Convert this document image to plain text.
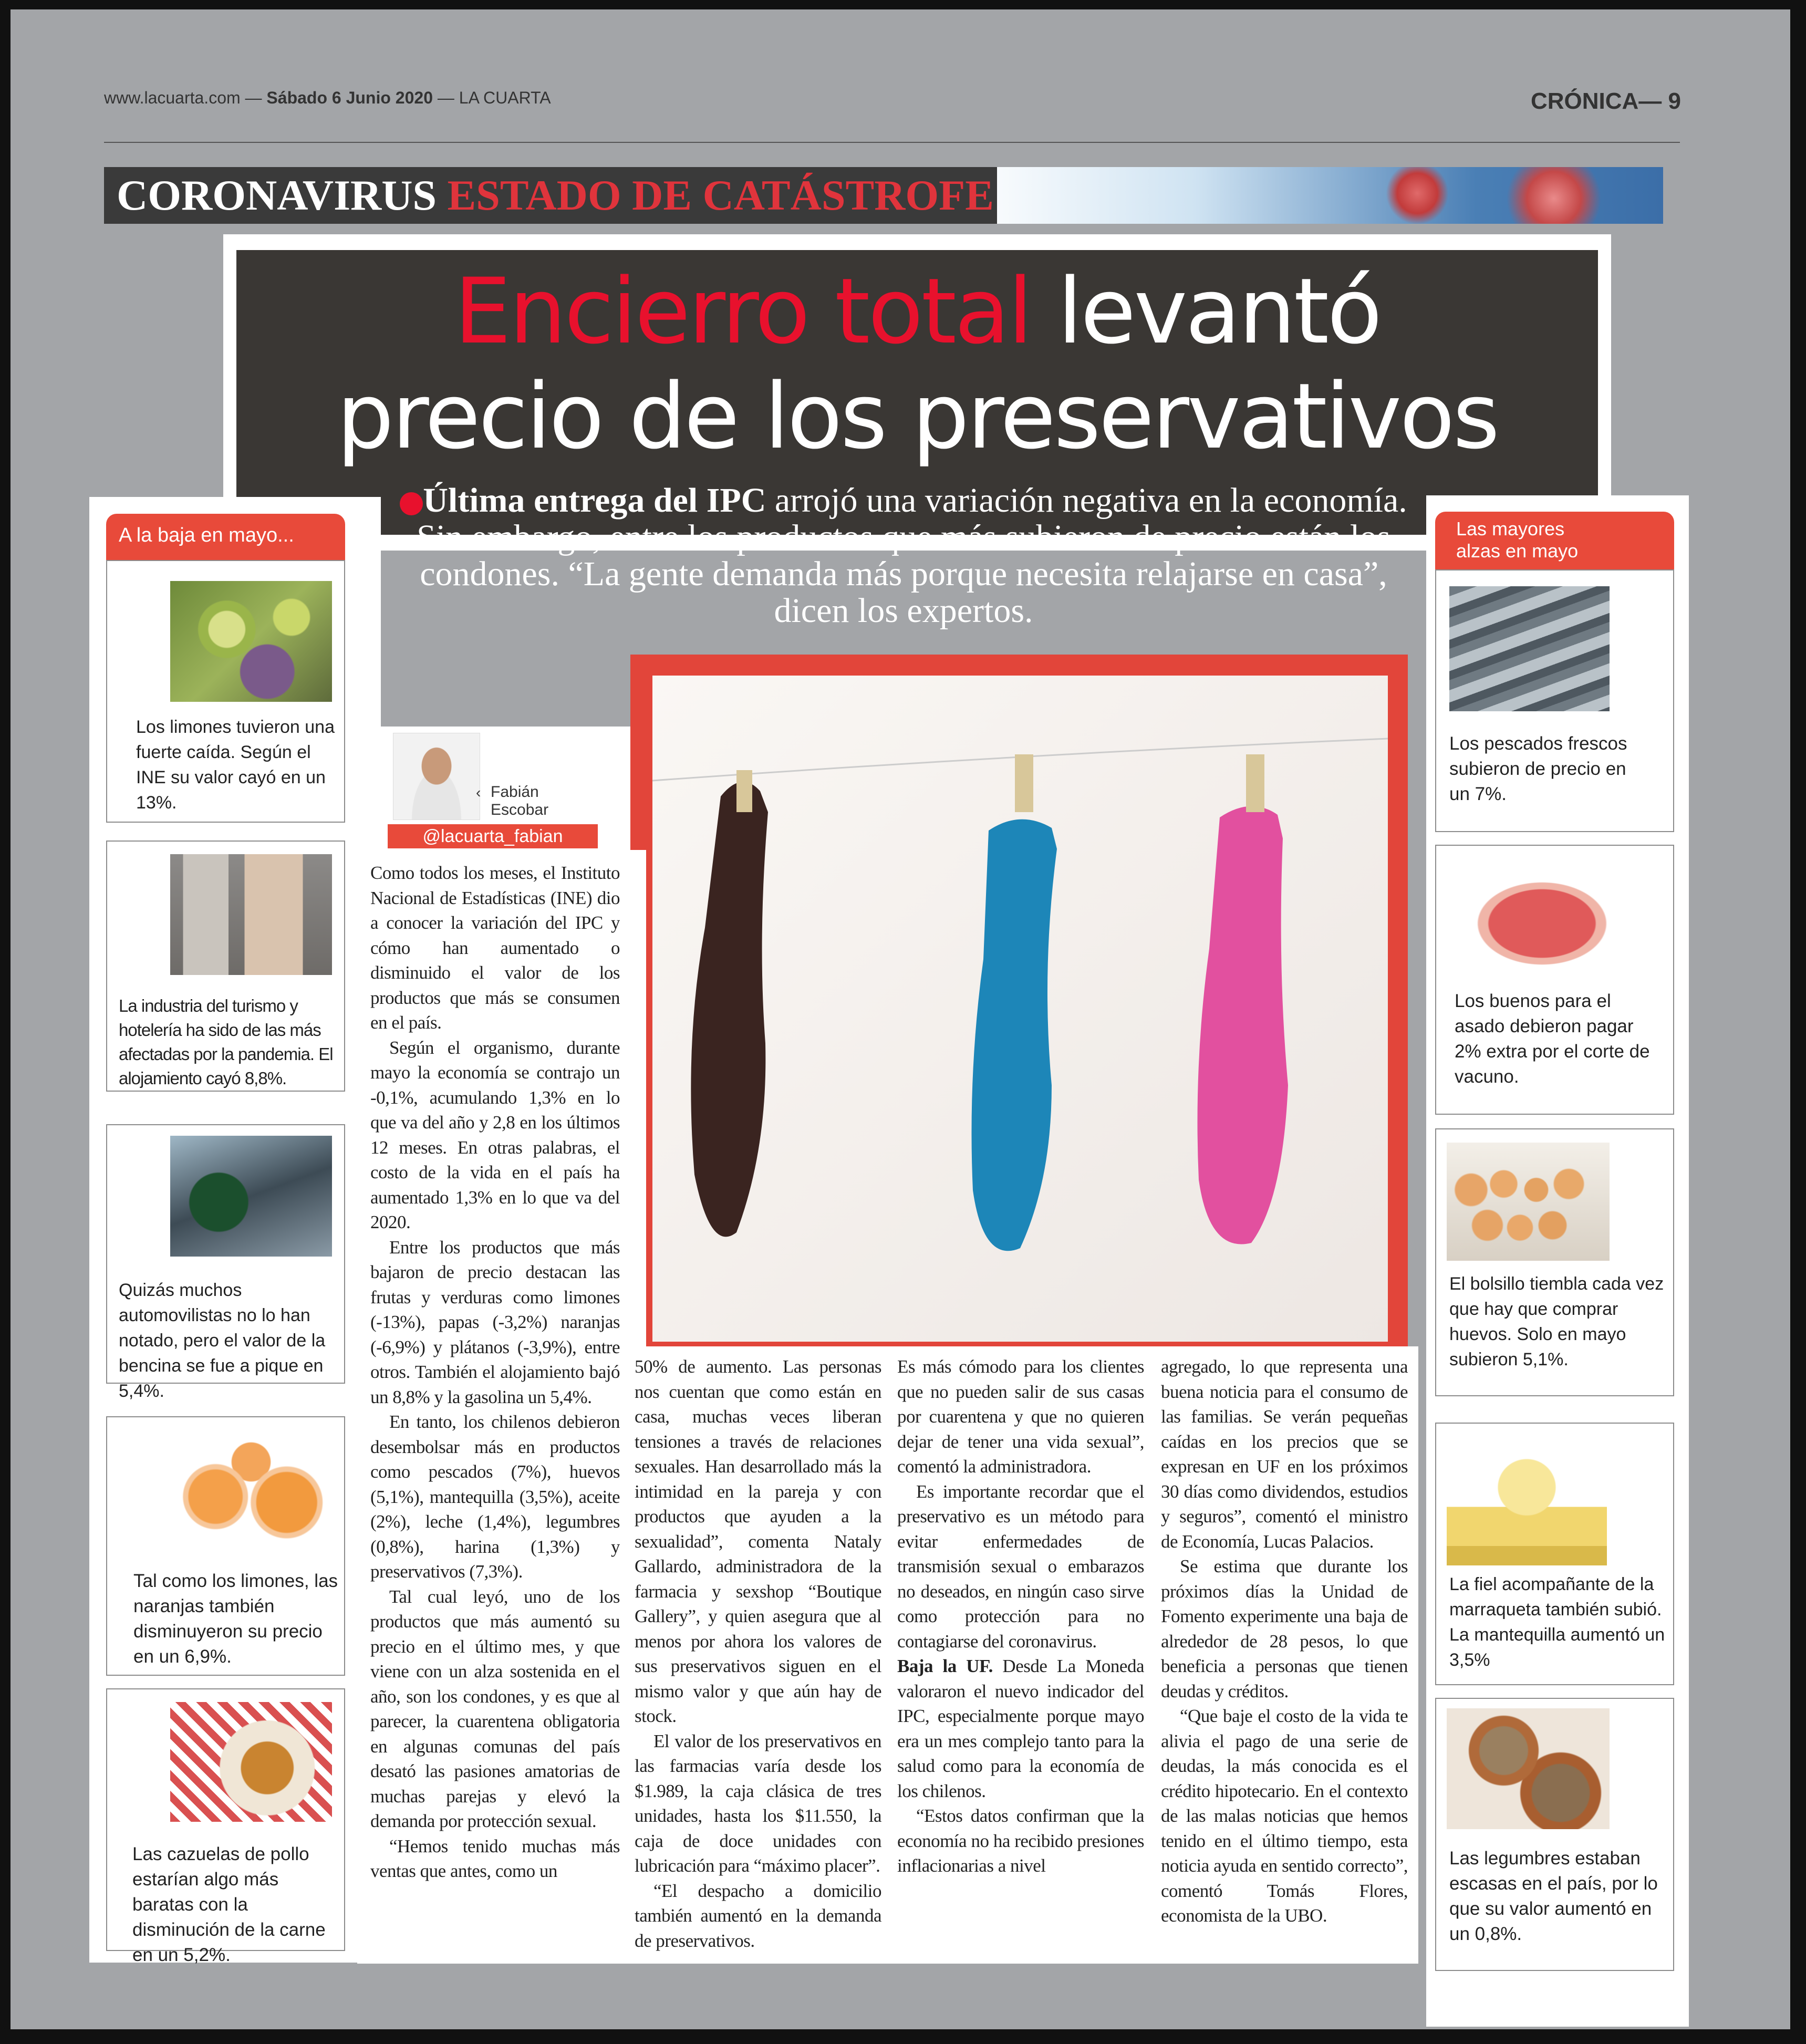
www.lacuarta.com — Sábado 6 Junio 2020 — LA CUARTA	CRÓNICA— 9
CORONAVIRUS ESTADO DE CATÁSTROFE
Encierro total levantó
precio de los preservativos
Última entrega del IPC arrojó una variación negativa en la economía. Sin embargo, entre los productos que más subieron de precio están los condones. “La gente demanda más porque necesita relajarse en casa”, dicen los expertos.
A la baja en mayo...
Los limones tuvieron una fuerte caída. Según el INE su valor cayó en un 13%.
La industria del turismo y hotelería ha sido de las más afectadas por la pandemia. El alojamiento cayó 8,8%.
Quizás muchos automovilistas no lo han notado, pero el valor de la bencina se fue a pique en 5,4%.
Tal como los limones, las naranjas también disminuyeron su precio en un 6,9%.
Las cazuelas de pollo estarían algo más baratas con la disminución de la carne en un 5,2%.
Las mayores alzas en mayo
Los pescados frescos subieron de precio en un 7%.
Los buenos para el asado debieron pagar 2% extra por el corte de vacuno.
El bolsillo tiembla cada vez que hay que comprar huevos. Solo en mayo subieron 5,1%.
La fiel acompañante de la marraqueta también subió. La mantequilla aumentó un 3,5%
Las legumbres estaban escasas en el país, por lo que su valor aumentó en un 0,8%.
‹ Fabián Escobar
@lacuarta_fabian

Como todos los meses, el Instituto Nacional de Estadísticas (INE) dio a conocer la variación del IPC y cómo han aumentado o disminuido el valor de los productos que más se consumen en el país.

Según el organismo, durante mayo la economía se contrajo un -0,1%, acumulando 1,3% en lo que va del año y 2,8 en los últimos 12 meses. En otras palabras, el costo de la vida en el país ha aumentado 1,3% en lo que va del 2020.

Entre los productos que más bajaron de precio destacan las frutas y verduras como limones (-13%), papas (-3,2%) naranjas (-6,9%) y plátanos (-3,9%), entre otros. También el alojamiento bajó un 8,8% y la gasolina un 5,4%.

En tanto, los chilenos debieron desembolsar más en productos como pescados (7%), huevos (5,1%), mantequilla (3,5%), aceite (2%), leche (1,4%), legumbres (0,8%), harina (1,3%) y preservativos (7,3%).

Tal cual leyó, uno de los productos que más aumentó su precio en el último mes, y que viene con un alza sostenida en el año, son los condones, y es que al parecer, la cuarentena obligatoria en algunas comunas del país desató las pasiones amatorias de muchas parejas y elevó la demanda por protección sexual.

“Hemos tenido muchas más ventas que antes, como un

50% de aumento. Las personas nos cuentan que como están en casa, muchas veces liberan tensiones a través de relaciones sexuales. Han desarrollado más la intimidad en la pareja y con productos que ayuden a la sexualidad”, comenta Nataly Gallardo, administradora de la farmacia y sexshop “Boutique Gallery”, y quien asegura que al menos por ahora los valores de sus preservativos siguen en el mismo valor y que aún hay de stock.

El valor de los preservativos en las farmacias varía desde los $1.989, la caja clásica de tres unidades, hasta los $11.550, la caja de doce unidades con lubricación para “máximo placer”.

“El despacho a domicilio también aumentó en la demanda de preservativos.

Es más cómodo para los clientes que no pueden salir de sus casas por cuarentena y que no quieren dejar de tener una vida sexual”, comentó la administradora.

Es importante recordar que el preservativo es un método para evitar enfermedades de transmisión sexual o embarazos no deseados, en ningún caso sirve como protección para no contagiarse del coronavirus.

Baja la UF. Desde La Moneda valoraron el nuevo indicador del IPC, especialmente porque mayo era un mes complejo tanto para la salud como para la economía de los chilenos.

“Estos datos confirman que la economía no ha recibido presiones inflacionarias a nivel

agregado, lo que representa una buena noticia para el consumo de las familias. Se verán pequeñas caídas en los precios que se expresan en UF en los próximos 30 días como dividendos, estudios y seguros”, comentó el ministro de Economía, Lucas Palacios.

Se estima que durante los próximos días la Unidad de Fomento experimente una baja de alrededor de 28 pesos, lo que beneficia a personas que tienen deudas y créditos.

“Que baje el costo de la vida te alivia el pago de una serie de deudas, la más conocida es el crédito hipotecario. En el contexto de las malas noticias que hemos tenido en el último tiempo, esta noticia ayuda en sentido correcto”, comentó Tomás Flores, economista de la UBO.
